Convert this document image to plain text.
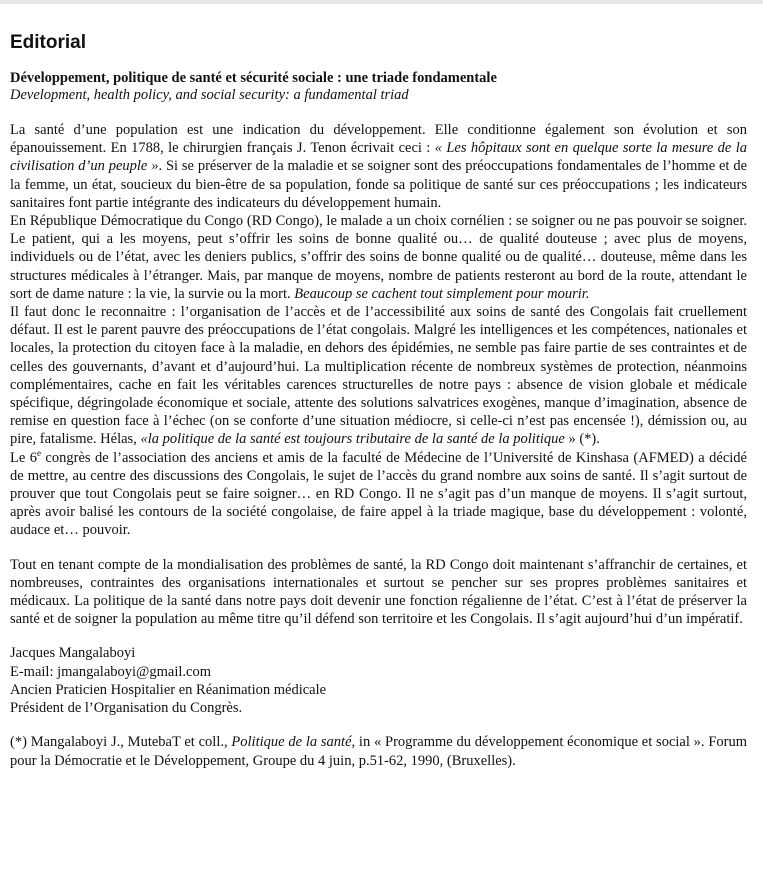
Editorial

Développement, politique de santé et sécurité sociale : une triade fondamentale

Development, health policy, and social security: a fundamental triad

La santé d’une population est une indication du développement. Elle conditionne également son évolution et son épanouissement. En 1788, le chirurgien français J. Tenon écrivait ceci : « Les hôpitaux sont en quelque sorte la mesure de la civilisation d’un peuple ». Si se préserver de la maladie et se soigner sont des préoccupations fondamentales de l’homme et de la femme, un état, soucieux du bien-être de sa population, fonde sa politique de santé sur ces préoccupations ; les indicateurs sanitaires font partie intégrante des indicateurs du développement humain.

En République Démocratique du Congo (RD Congo), le malade a un choix cornélien : se soigner ou ne pas pouvoir se soigner. Le patient, qui a les moyens, peut s’offrir les soins de bonne qualité ou… de qualité douteuse ; avec plus de moyens, individuels ou de l’état, avec les deniers publics, s’offrir des soins de bonne qualité ou de qualité… douteuse, même dans les structures médicales à l’étranger. Mais, par manque de moyens, nombre de patients resteront au bord de la route, attendant le sort de dame nature : la vie, la survie ou la mort. Beaucoup se cachent tout simplement pour mourir.

Il faut donc le reconnaitre : l’organisation de l’accès et de l’accessibilité aux soins de santé des Congolais fait cruellement défaut. Il est le parent pauvre des préoccupations de l’état congolais. Malgré les intelligences et les compétences, nationales et locales, la protection du citoyen face à la maladie, en dehors des épidémies, ne semble pas faire partie de ses contraintes et de celles des gouvernants, d’avant et d’aujourd’hui. La multiplication récente de nombreux systèmes de protection, néanmoins complémentaires, cache en fait les véritables carences structurelles de notre pays : absence de vision globale et médicale spécifique, dégringolade économique et sociale, attente des solutions salvatrices exogènes, manque d’imagination, absence de remise en question face à l’échec (on se conforte d’une situation médiocre, si celle-ci n’est pas encensée !), démission ou, au pire, fatalisme. Hélas, «la politique de la santé est toujours tributaire de la santé de la politique » (*).

Le 6e congrès de l’association des anciens et amis de la faculté de Médecine de l’Université de Kinshasa (AFMED) a décidé de mettre, au centre des discussions des Congolais, le sujet de l’accès du grand nombre aux soins de santé. Il s’agit surtout de prouver que tout Congolais peut se faire soigner… en RD Congo. Il ne s’agit pas d’un manque de moyens. Il s’agit surtout, après avoir balisé les contours de la société congolaise, de faire appel à la triade magique, base du développement : volonté, audace et… pouvoir.

Tout en tenant compte de la mondialisation des problèmes de santé, la RD Congo doit maintenant s’affranchir de certaines, et nombreuses, contraintes des organisations internationales et surtout se pencher sur ses propres problèmes sanitaires et médicaux. La politique de la santé dans notre pays doit devenir une fonction régalienne de l’état. C’est à l’état de préserver la santé et de soigner la population au même titre qu’il défend son territoire et les Congolais. Il s’agit aujourd’hui d’un impératif.

Jacques Mangalaboyi

E-mail: jmangalaboyi@gmail.com

Ancien Praticien Hospitalier en Réanimation médicale

Président de l’Organisation du Congrès.

(*) Mangalaboyi J., MutebaT et coll., Politique de la santé, in « Programme du développement économique et social ». Forum pour la Démocratie et le Développement, Groupe du 4 juin, p.51-62, 1990, (Bruxelles).
